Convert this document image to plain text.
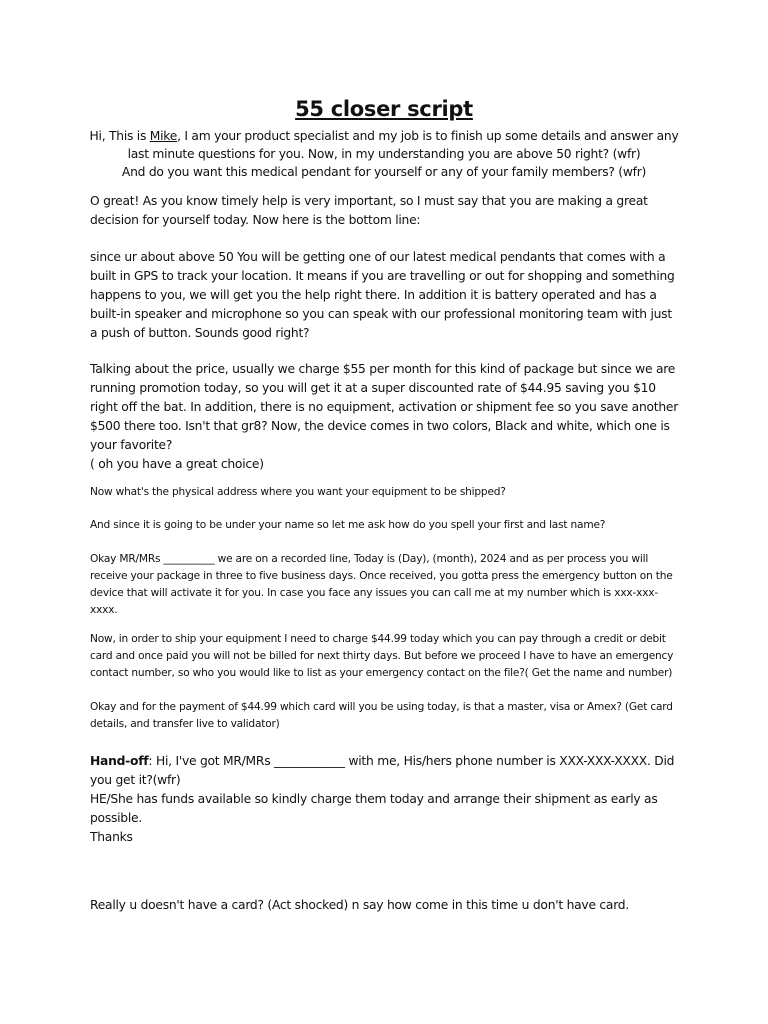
55 closer script
Hi, This is Mike, I am your product specialist and my job is to finish up some details and answer any last minute questions for you. Now, in my understanding you are above 50 right? (wfr)
And do you want this medical pendant for yourself or any of your family members? (wfr)
O great! As you know timely help is very important, so I must say that you are making a great decision for yourself today. Now here is the bottom line:
since ur about above 50 You will be getting one of our latest medical pendants that comes with a built in GPS to track your location. It means if you are travelling or out for shopping and something happens to you, we will get you the help right there. In addition it is battery operated and has a built-in speaker and microphone so you can speak with our professional monitoring team with just a push of button. Sounds good right?
Talking about the price, usually we charge $55 per month for this kind of package but since we are running promotion today, so you will get it at a super discounted rate of $44.95 saving you $10 right off the bat. In addition, there is no equipment, activation or shipment fee so you save another $500 there too. Isn't that gr8? Now, the device comes in two colors, Black and white, which one is your favorite?
( oh you have a great choice)
Now what's the physical address where you want your equipment to be shipped?
And since it is going to be under your name so let me ask how do you spell your first and last name?
Okay MR/MRs __________ we are on a recorded line, Today is (Day), (month), 2024 and as per process you will receive your package in three to five business days. Once received, you gotta press the emergency button on the device that will activate it for you. In case you face any issues you can call me at my number which is xxx-xxx-xxxx.
Now, in order to ship your equipment I need to charge $44.99 today which you can pay through a credit or debit card and once paid you will not be billed for next thirty days. But before we proceed I have to have an emergency contact number, so who you would like to list as your emergency contact on the file?( Get the name and number)
Okay and for the payment of $44.99 which card will you be using today, is that a master, visa or Amex? (Get card details, and transfer live to validator)
Hand-off: Hi, I've got MR/MRs ____________ with me, His/hers phone number is XXX-XXX-XXXX. Did you get it?(wfr)
HE/She has funds available so kindly charge them today and arrange their shipment as early as possible.
Thanks
Really u doesn't have a card? (Act shocked) n say how come in this time u don't have card.
